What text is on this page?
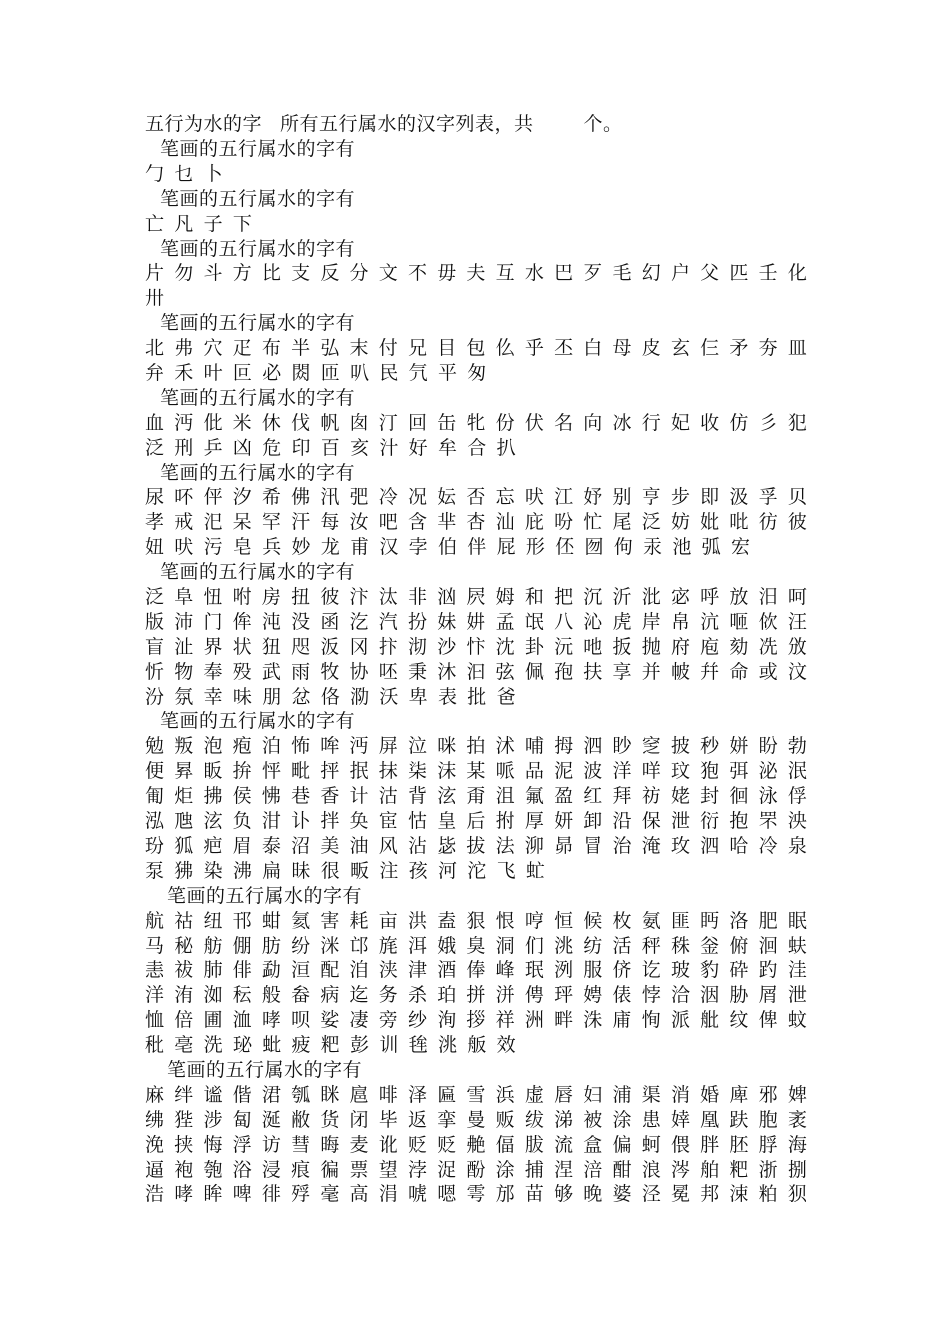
五行为水的字 所有五行属水的汉字列表，共	个。
笔画的五行属水的字有
勹 乜 卜
笔画的五行属水的字有
亡 凡 子 下
笔画的五行属水的字有
片 勿 斗 方 比 支 反 分 文 不 毋 夫 互 水 巴 歹 毛 幻 户 父 匹 壬 化
卅
笔画的五行属水的字有
北 弗 穴 疋 布 半 弘 末 付 兄 目 包 仫 乎 丕 白 母 皮 玄 仨 矛 夯 皿
弁 禾 叶 叵 必 閦 匝 叭 民 氕 平 匆
笔画的五行属水的字有
血 沔 仳 米 休 伐 帆 囱 汀 回 缶 牝 份 伏 名 向 冰 行 妃 收 仿 彡 犯
泛 刑 乒 凶 危 印 百 亥 汁 好 牟 合 扒
笔画的五行属水的字有
尿 吥 伻 汐 希 佛 汛 弝 冷 况 妘 否 忘 吠 江 妤 别 亨 步 即 汲 孚 贝
孝 戒 汜 呆 罕 汗 每 汝 吧 含 芈 杏 汕 庇 吩 忙 尾 泛 妨 妣 吡 彷 彼
妞 吠 污 皂 兵 妙 龙 甫 汉 孛 伯 伴 屁 形 伾 囫 佝 汞 池 弧 宏
笔画的五行属水的字有
泛 阜 忸 咐 房 扭 彼 汴 汰 非 汹 屄 姆 和 把 沉 沂 沘 宓 呼 放 汨 呵
版 沛 门 侔 沌 没 函 汔 汽 扮 妹 妌 孟 氓 八 沁 虎 岸 帛 沆 咂 佽 汪
盲 沚 界 状 狃 咫 汳 冈 抃 沏 沙 忭 沈 卦 沅 吔 扳 抛 府 庖 劾 冼 攽
忻 物 奉 殁 武 雨 牧 协 呸 秉 沐 汩 弦 佩 孢 扶 享 并 帔 幷 命 或 汶
汾 氛 幸 味 朋 忿 佫 泐 沃 卑 表 批 爸
笔画的五行属水的字有
勉 叛 泡 疱 泊 怖 哞 沔 屏 泣 咪 拍 沭 哺 拇 泗 眇 窆 披 秒 姘 盼 勃
便 昪 眅 拚 怦 毗 抨 抿 抹 柒 沫 某 哌 品 泥 波 洋 咩 玟 狍 弭 泌 泯
匍 炬 拂 侯 怫 巷 香 计 沽 背 泫 甭 沮 氟 盈 红 拜 祊 姥 封 徊 泳 俘
泓 虺 泫 负 泔 讣 拌 奂 宦 怙 皇 后 拊 厚 妍 卸 沿 保 泄 衍 抱 罘 泱
玢 狐 疤 眉 泰 沼 美 油 风 沾 毖 拔 法 泖 昴 冒 治 淹 玫 泗 哈 冷 泉
泵 狒 染 沸 扁 昧 很 畈 注 孩 河 沱 飞 虻
笔画的五行属水的字有
航 祜 纽 邗 蚶 氦 害 耗 亩 洪 盍 狠 恨 哼 恒 候 枚 氨 匪 眄 洛 肥 眠
马 秘 舫 倗 肪 纷 洣 邙 旄 洱 娥 臭 洞 们 洮 纺 活 秤 秼 釡 俯 洄 蚨
恚 祓 肺 俳 勐 洹 配 洎 浃 津 酒 俸 峰 珉 洌 服 侪 讫 玻 豹 砕 趵 洼
洋 洧 洳 秐 般 畚 病 迄 务 杀 珀 拼 洴 俜 玶 娉 俵 悖 洽 洇 胁 屑 泄
恤 倍 圃 洫 哮 呗 娑 凄 旁 纱 洵 拶 祥 洲 畔 洙 庯 恂 派 舭 纹 俾 蚊
秕 亳 洗 珌 蚍 疲 粑 彭 训 毪 洮 舨 效
笔画的五行属水的字有
麻 绊 谧 偕 涒 瓠 眯 扈 啡 泽 匾 雪 浜 虚 唇 妇 浦 渠 消 婚 庳 邪 婢
绋 狴 涉 匐 涎 敝 货 闭 毕 返 挛 曼 贩 绂 涕 被 涂 患 婞 凰 趺 胞 袤
浼 挟 悔 浮 访 彗 晦 麦 讹 贬 贬 艴 偪 胈 流 盒 偏 蚵 偎 胖 胚 脬 海
逼 袍 匏 浴 浸 痕 徧 票 望 浡 浞 酚 涂 捕 涅 涪 酣 浪 涔 舶 粑 浙 捌
浩 哮 眸 啤 徘 殍 毫 高 涓 唬 嗯 雩 邡 苗 够 晚 婆 泾 冕 邦 涑 粕 狈
